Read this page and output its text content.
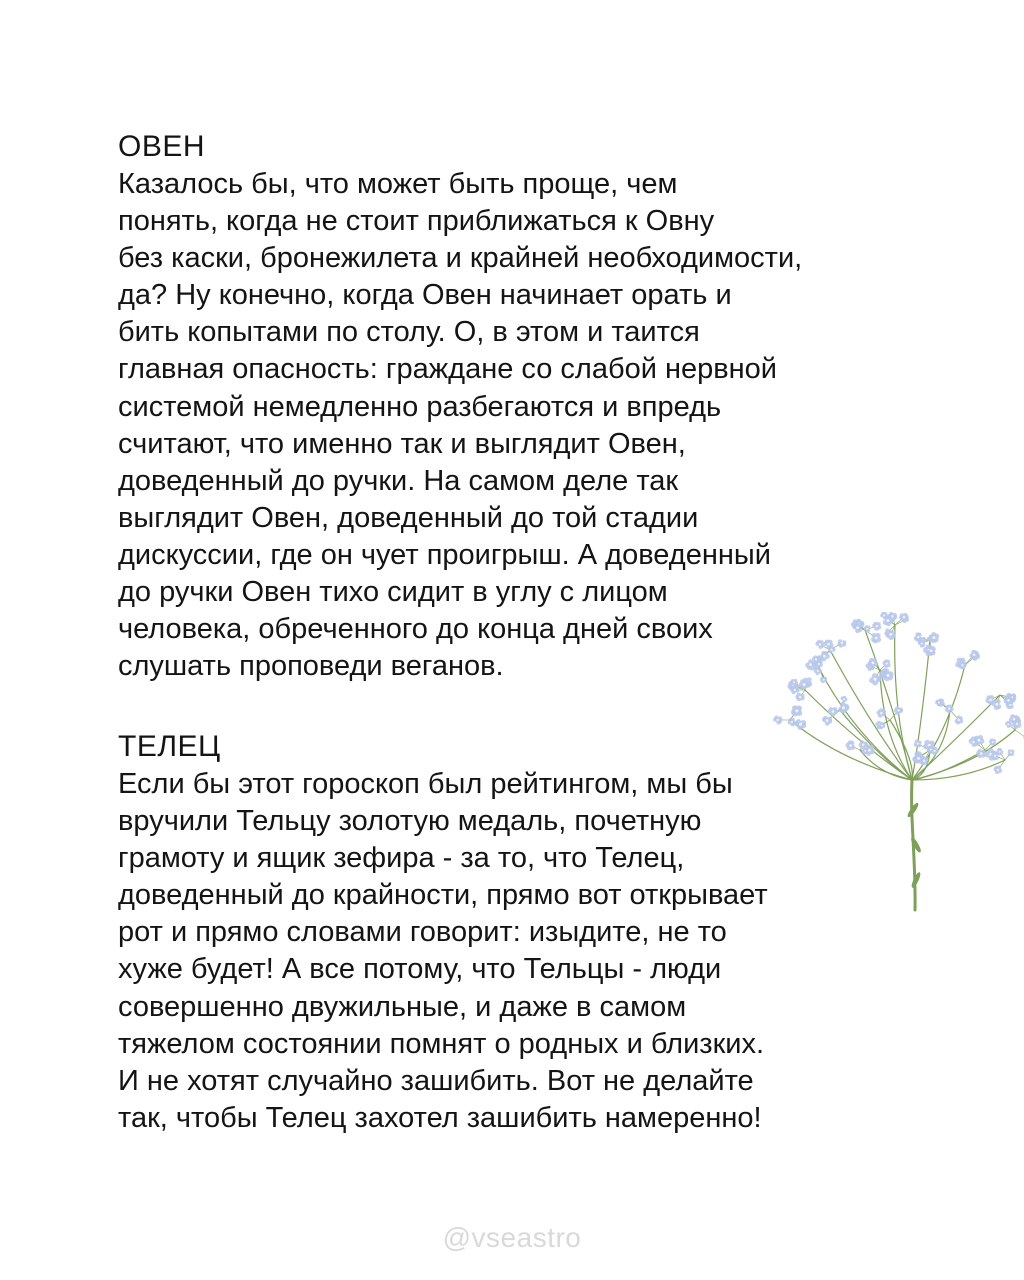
ОВЕН
Казалось бы, что может быть проще, чем
понять, когда не стоит приближаться к Овну
без каски, бронежилета и крайней необходимости,
да? Ну конечно, когда Овен начинает орать и
бить копытами по столу. О, в этом и таится
главная опасность: граждане со слабой нервной
системой немедленно разбегаются и впредь
считают, что именно так и выглядит Овен,
доведенный до ручки. На самом деле так
выглядит Овен, доведенный до той стадии
дискуссии, где он чует проигрыш. А доведенный
до ручки Овен тихо сидит в углу с лицом
человека, обреченного до конца дней своих
слушать проповеди веганов.
ТЕЛЕЦ
Если бы этот гороскоп был рейтингом, мы бы
вручили Тельцу золотую медаль, почетную
грамоту и ящик зефира - за то, что Телец,
доведенный до крайности, прямо вот открывает
рот и прямо словами говорит: изыдите, не то
хуже будет! А все потому, что Тельцы - люди
совершенно двужильные, и даже в самом
тяжелом состоянии помнят о родных и близких.
И не хотят случайно зашибить. Вот не делайте
так, чтобы Телец захотел зашибить намеренно!
@vseastro
